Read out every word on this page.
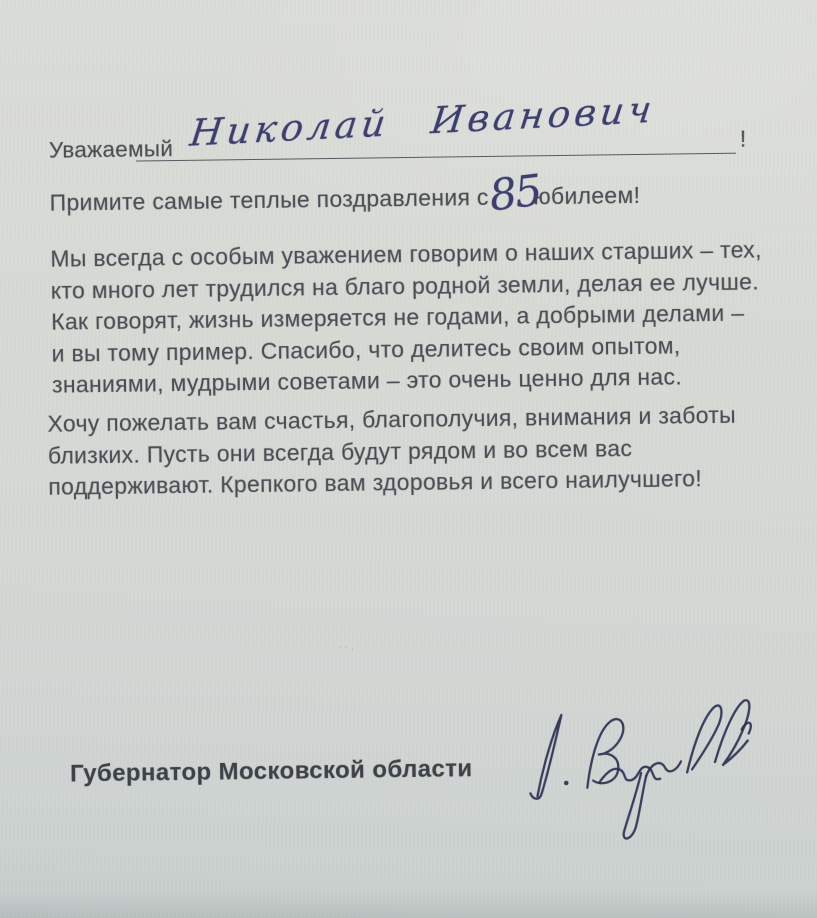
Уважаемый Николай Иванович	!
Примите самые теплые поздравления с85юбилеем!
Мы всегда с особым уважением говорим о наших старших – тех,
кто много лет трудился на благо родной земли, делая ее лучше.
Как говорят, жизнь измеряется не годами, а добрыми делами –
и вы тому пример. Спасибо, что делитесь своим опытом,
знаниями, мудрыми советами – это очень ценно для нас.
Хочу пожелать вам счастья, благополучия, внимания и заботы
близких. Пусть они всегда будут рядом и во всем вас
поддерживают. Крепкого вам здоровья и всего наилучшего!
··.
Губернатор Московской области
